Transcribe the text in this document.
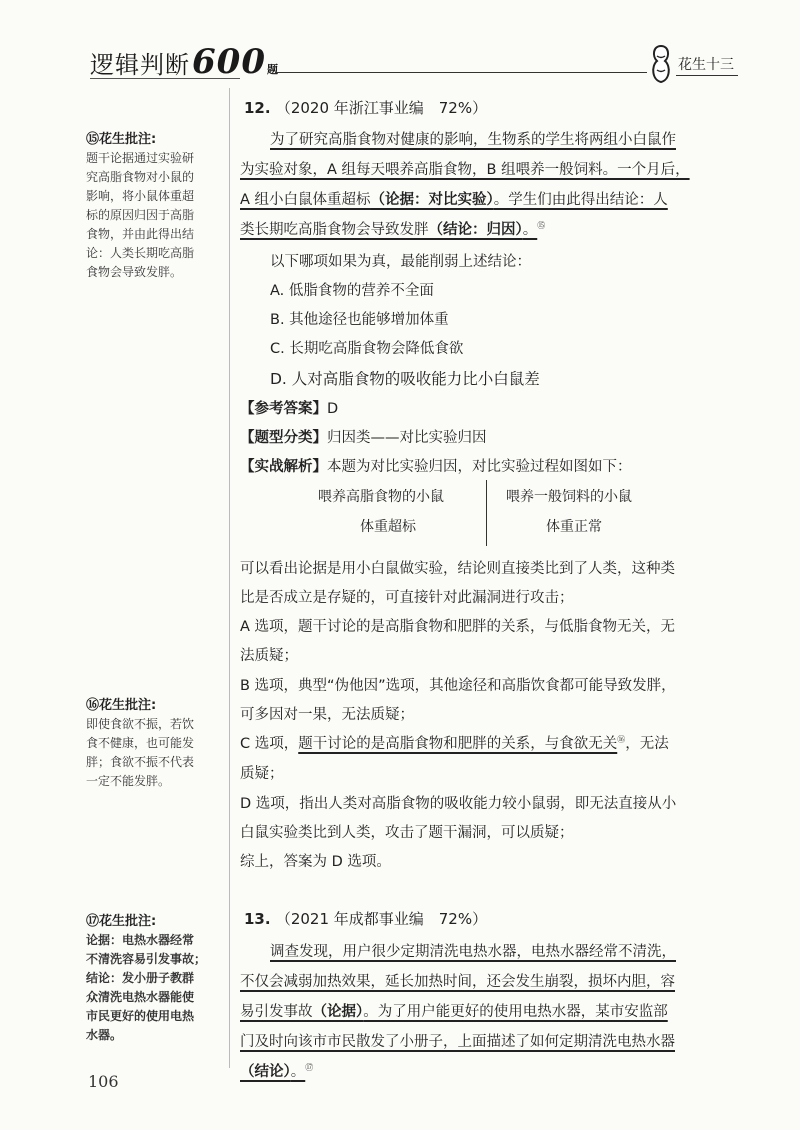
逻辑判断600题	花生十三
12. （2020 年浙江事业编　72%）
为了研究高脂食物对健康的影响，生物系的学生将两组小白鼠作
为实验对象，A 组每天喂养高脂食物，B 组喂养一般饲料。一个月后，
A 组小白鼠体重超标（论据：对比实验）。学生们由此得出结论：人
类长期吃高脂食物会导致发胖（结论：归因）。⑮
以下哪项如果为真，最能削弱上述结论：
A. 低脂食物的营养不全面
B. 其他途径也能够增加体重
C. 长期吃高脂食物会降低食欲
D. 人对高脂食物的吸收能力比小白鼠差
【参考答案】D
【题型分类】归因类——对比实验归因
【实战解析】本题为对比实验归因，对比实验过程如图如下：
喂养高脂食物的小鼠
体重超标
喂养一般饲料的小鼠
体重正常
可以看出论据是用小白鼠做实验，结论则直接类比到了人类，这种类
比是否成立是存疑的，可直接针对此漏洞进行攻击；
A 选项，题干讨论的是高脂食物和肥胖的关系，与低脂食物无关，无
法质疑；
B 选项，典型“伪他因”选项，其他途径和高脂饮食都可能导致发胖，
可多因对一果，无法质疑；
C 选项，题干讨论的是高脂食物和肥胖的关系，与食欲无关⑯，无法
质疑；
D 选项，指出人类对高脂食物的吸收能力较小鼠弱，即无法直接从小
白鼠实验类比到人类，攻击了题干漏洞，可以质疑；
综上，答案为 D 选项。
13. （2021 年成都事业编　72%）
调查发现，用户很少定期清洗电热水器，电热水器经常不清洗，
不仅会减弱加热效果，延长加热时间，还会发生崩裂，损坏内胆，容
易引发事故（论据）。为了用户能更好的使用电热水器，某市安监部
门及时向该市市民散发了小册子，上面描述了如何定期清洗电热水器
（结论）。⑰
⑮花生批注:
题干论据通过实验研
究高脂食物对小鼠的
影响，将小鼠体重超
标的原因归因于高脂
食物，并由此得出结
论：人类长期吃高脂
食物会导致发胖。
⑯花生批注:
即使食欲不振，若饮
食不健康，也可能发
胖；食欲不振不代表
一定不能发胖。
⑰花生批注:
论据：电热水器经常
不清洗容易引发事故；
结论：发小册子教群
众清洗电热水器能使
市民更好的使用电热
水器。
106
